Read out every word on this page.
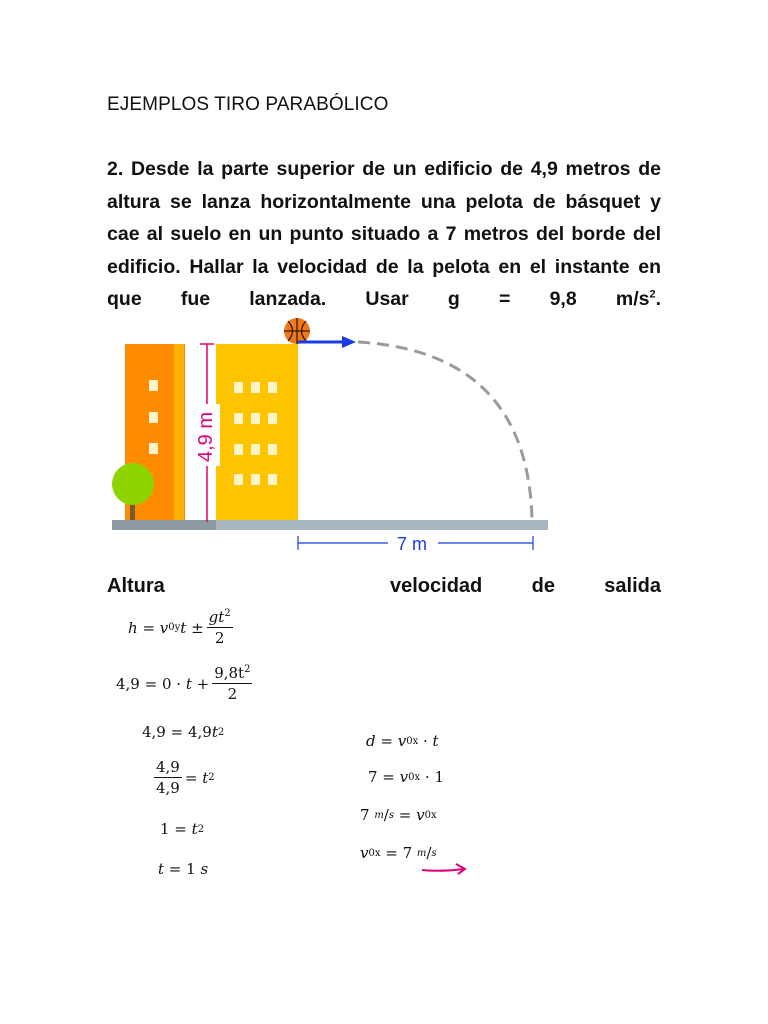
EJEMPLOS TIRO PARABÓLICO
2. Desde la parte superior de un edificio de 4,9 metros de altura se lanza horizontalmente una pelota de básquet y cae al suelo en un punto situado a 7 metros del borde del edificio. Hallar la velocidad de la pelota en el instante en que fue lanzada. Usar g = 9,8 $m/s^2$.
4,9 m
7 m
Altura	velocidad de salida
h = v 0y t
± $\frac{gt^2}{2}$
$4,9 = 0 \cdot t + \frac{9,8t^2}{2}$
4,9 = 4,9 t 2
$\frac{4,9}{4,9} = t$ 2
1 =
t 2
t = 1 s
d = v 0x · t
7 = v 0x · 1
7 m / s = v 0x
v 0x = 7 m / s
